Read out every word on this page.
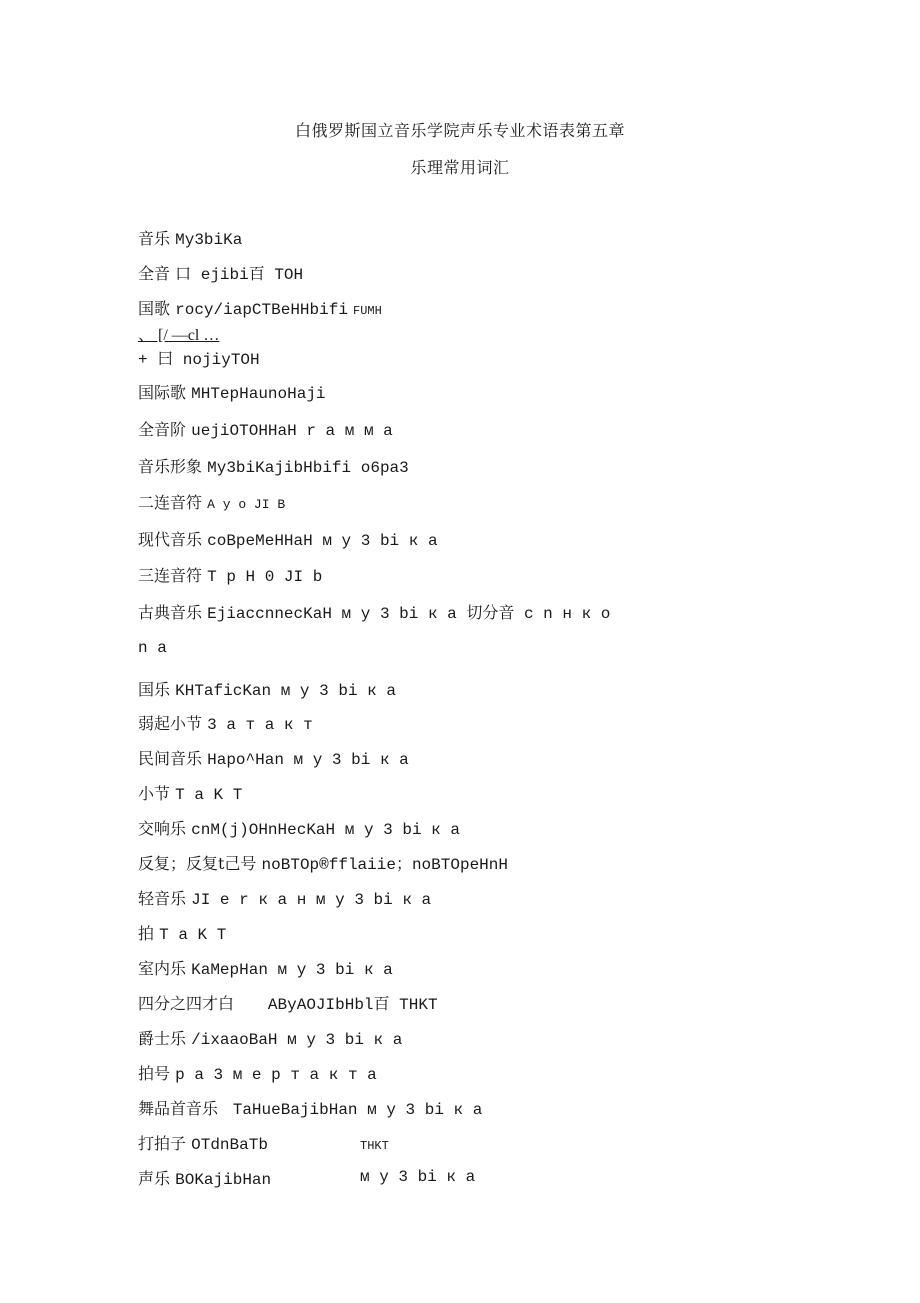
白俄罗斯国立音乐学院声乐专业术语表第五章
乐理常用词汇
音乐 My3biKa
全音 口 ejibi百 TOH
国歌 rocy/iapCTBeHHbifi FUMH
、 [/ —cl …
+ 曰 nojiyTOH
国际歌 MHTepHaunoHaji
全音阶 uejiOTOHHaH r a м м a
音乐形象 My3biKajibHbifi o6pa3
二连音符 A y o JI B
现代音乐 coBpeMeHHaH м y 3 bi к a
三连音符 T p H 0 JI b
古典音乐 EjiaccnnecKaH м y 3 bi к a 切分音 c n н к o
n a
国乐 KHTaficKan м y 3 bi к a
弱起小节 3 a т a к т
民间音乐 Hapo^Han м y 3 bi к a
小节 T a K T
交响乐 cnM(j)OHnHecKaH м y 3 bi к a
反复；反复t己号 noBTOp®fflaiie；noBTOpeHnH
轻音乐 JI e r к a н м y 3 bi к a
拍 T a K T
室内乐 KaMepHan м y 3 bi к a
四分之四才白    AByAOJIbHbl百 THKT
爵士乐 /ixaaoBaH м y 3 bi к a
拍号 p a 3 м e p т a к т a
舞品首音乐  TaHueBajibHan м y 3 bi к a
打拍子 OTdnBaTb	THKT
声乐 BOKajibHan	м y 3 bi к a
